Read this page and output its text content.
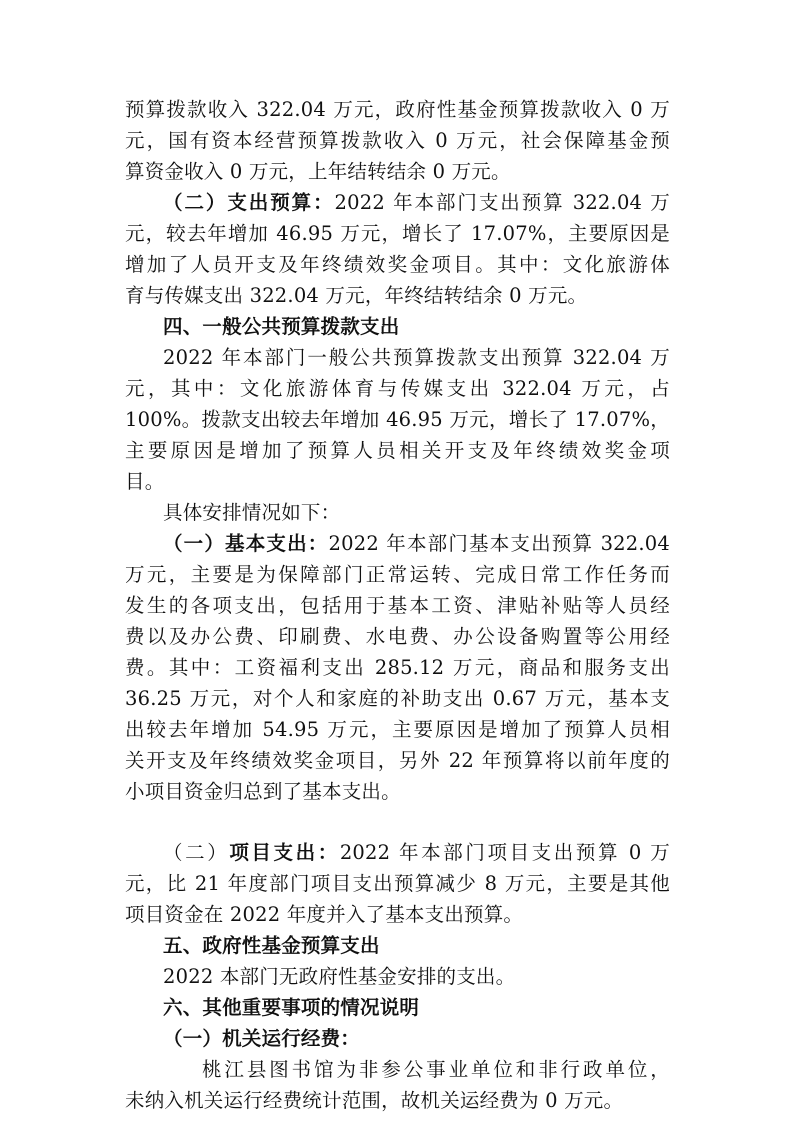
预算拨款收入 322.04 万元，政府性基金预算拨款收入 0 万
元，国有资本经营预算拨款收入 0 万元，社会保障基金预
算资金收入 0 万元，上年结转结余 0 万元。
（二）支出预算：2022 年本部门支出预算 322.04 万
元，较去年增加 46.95 万元，增长了 17.07%，主要原因是
增加了人员开支及年终绩效奖金项目。其中：文化旅游体
育与传媒支出 322.04 万元，年终结转结余 0 万元。
四、一般公共预算拨款支出
2022 年本部门一般公共预算拨款支出预算 322.04 万
元，其中：文化旅游体育与传媒支出 322.04 万元，占
100%。拨款支出较去年增加 46.95 万元，增长了 17.07%，
主要原因是增加了预算人员相关开支及年终绩效奖金项
目。
具体安排情况如下：
（一）基本支出：2022 年本部门基本支出预算 322.04
万元，主要是为保障部门正常运转、完成日常工作任务而
发生的各项支出，包括用于基本工资、津贴补贴等人员经
费以及办公费、印刷费、水电费、办公设备购置等公用经
费。其中：工资福利支出 285.12 万元，商品和服务支出
36.25 万元，对个人和家庭的补助支出 0.67 万元，基本支
出较去年增加 54.95 万元，主要原因是增加了预算人员相
关开支及年终绩效奖金项目，另外 22 年预算将以前年度的
小项目资金归总到了基本支出。
（二）项目支出：2022 年本部门项目支出预算 0 万
元，比 21 年度部门项目支出预算减少 8 万元，主要是其他
项目资金在 2022 年度并入了基本支出预算。
五、政府性基金预算支出
2022 本部门无政府性基金安排的支出。
六、其他重要事项的情况说明
（一）机关运行经费：
桃江县图书馆为非参公事业单位和非行政单位，
未纳入机关运行经费统计范围，故机关运经费为 0 万元。
